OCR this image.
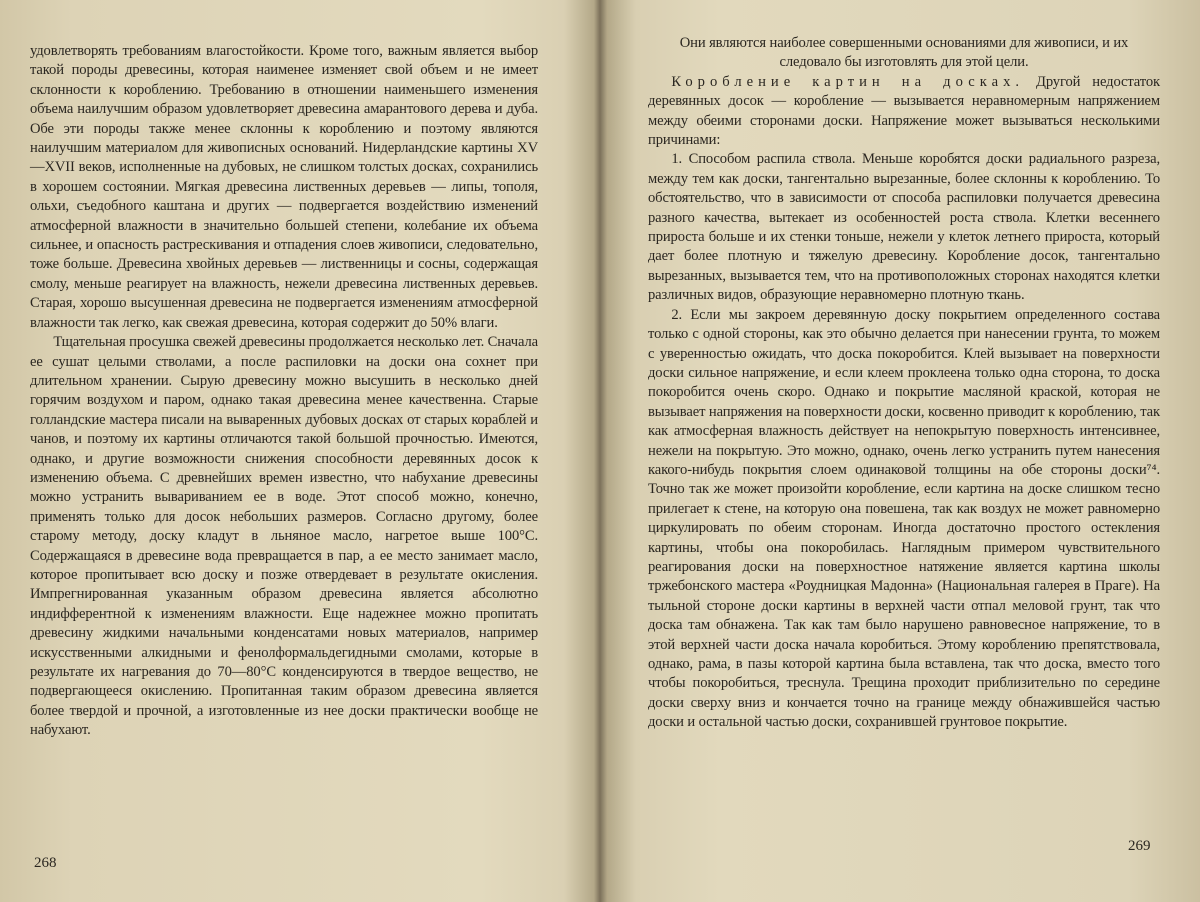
удовлетворять требованиям влагостойкости. Кроме того, важным является выбор такой породы древесины, которая наименее изменяет свой объем и не имеет склонности к короблению. Требованию в отношении наименьшего изменения объема наилучшим образом удовлетворяет древесина амарантового дерева и дуба. Обе эти породы также менее склонны к короблению и поэтому являются наилучшим материалом для живописных оснований. Нидерландские картины XV—XVII веков, исполненные на дубовых, не слишком толстых досках, сохранились в хорошем состоянии. Мягкая древесина лиственных деревьев — липы, тополя, ольхи, съедобного каштана и других — подвергается воздействию изменений атмосферной влажности в значительно большей степени, колебание их объема сильнее, и опасность растрескивания и отпадения слоев живописи, следовательно, тоже больше. Древесина хвойных деревьев — лиственницы и сосны, содержащая смолу, меньше реагирует на влажность, нежели древесина лиственных деревьев. Старая, хорошо высушенная древесина не подвергается изменениям атмосферной влажности так легко, как свежая древесина, которая содержит до 50% влаги.

Тщательная просушка свежей древесины продолжается несколько лет. Сначала ее сушат целыми стволами, а после распиловки на доски она сохнет при длительном хранении. Сырую древесину можно высушить в несколько дней горячим воздухом и паром, однако такая древесина менее качественна. Старые голландские мастера писали на вываренных дубовых досках от старых кораблей и чанов, и поэтому их картины отличаются такой большой прочностью. Имеются, однако, и другие возможности снижения способности деревянных досок к изменению объема. С древнейших времен известно, что набухание древесины можно устранить вывариванием ее в воде. Этот способ можно, конечно, применять только для досок небольших размеров. Согласно другому, более старому методу, доску кладут в льняное масло, нагретое выше 100°С. Содержащаяся в древесине вода превращается в пар, а ее место занимает масло, которое пропитывает всю доску и позже отвердевает в результате окисления. Импрегнированная указанным образом древесина является абсолютно индифферентной к изменениям влажности. Еще надежнее можно пропитать древесину жидкими начальными конденсатами новых материалов, например искусственными алкидными и фенолформальдегидными смолами, которые в результате их нагревания до 70—80°С конденсируются в твердое вещество, не подвергающееся окислению. Пропитанная таким образом древесина является более твердой и прочной, а изготовленные из нее доски практически вообще не набухают.

268

Они являются наиболее совершенными основаниями для живописи, и их следовало бы изготовлять для этой цели.

Коробление картин на досках. Другой недостаток деревянных досок — коробление — вызывается неравномерным напряжением между обеими сторонами доски. Напряжение может вызываться несколькими причинами:

1. Способом распила ствола. Меньше коробятся доски радиального разреза, между тем как доски, тангентально вырезанные, более склонны к короблению. То обстоятельство, что в зависимости от способа распиловки получается древесина разного качества, вытекает из особенностей роста ствола. Клетки весеннего прироста больше и их стенки тоньше, нежели у клеток летнего прироста, который дает более плотную и тяжелую древесину. Коробление досок, тангентально вырезанных, вызывается тем, что на противоположных сторонах находятся клетки различных видов, образующие неравномерно плотную ткань.

2. Если мы закроем деревянную доску покрытием определенного состава только с одной стороны, как это обычно делается при нанесении грунта, то можем с уверенностью ожидать, что доска покоробится. Клей вызывает на поверхности доски сильное напряжение, и если клеем проклеена только одна сторона, то доска покоробится очень скоро. Однако и покрытие масляной краской, которая не вызывает напряжения на поверхности доски, косвенно приводит к короблению, так как атмосферная влажность действует на непокрытую поверхность интенсивнее, нежели на покрытую. Это можно, однако, очень легко устранить путем нанесения какого-нибудь покрытия слоем одинаковой толщины на обе стороны доски⁷⁴. Точно так же может произойти коробление, если картина на доске слишком тесно прилегает к стене, на которую она повешена, так как воздух не может равномерно циркулировать по обеим сторонам. Иногда достаточно простого остекления картины, чтобы она покоробилась. Наглядным примером чувствительного реагирования доски на поверхностное натяжение является картина школы тржебонского мастера «Роудницкая Мадонна» (Национальная галерея в Праге). На тыльной стороне доски картины в верхней части отпал меловой грунт, так что доска там обнажена. Так как там было нарушено равновесное напряжение, то в этой верхней части доска начала коробиться. Этому короблению препятствовала, однако, рама, в пазы которой картина была вставлена, так что доска, вместо того чтобы покоробиться, треснула. Трещина проходит приблизительно по середине доски сверху вниз и кончается точно на границе между обнажившейся частью доски и остальной частью доски, сохранившей грунтовое покрытие.

269
